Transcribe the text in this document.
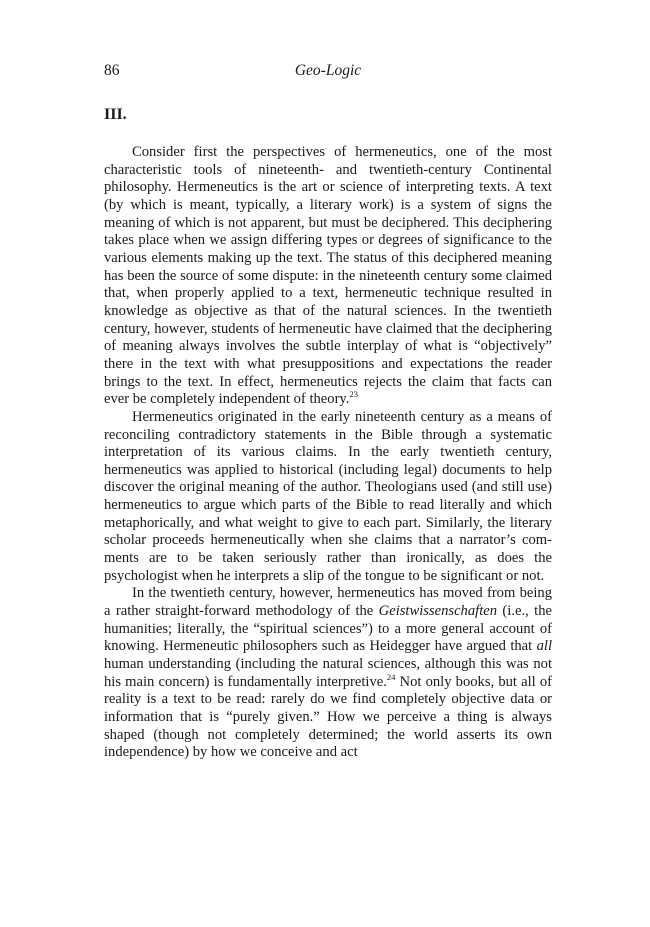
86	Geo-Logic
III.

Consider first the perspectives of hermeneutics, one of the most characteristic tools of nineteenth- and twentieth-century Continental philosophy. Hermeneutics is the art or science of interpreting texts. A text (by which is meant, typically, a literary work) is a system of signs the meaning of which is not apparent, but must be deciphered. This deciphering takes place when we assign differing types or degrees of significance to the various elements making up the text. The status of this deciphered meaning has been the source of some dispute: in the nineteenth century some claimed that, when properly applied to a text, hermeneutic technique resulted in knowledge as objective as that of the natural sciences. In the twentieth century, however, students of hermeneutic have claimed that the deciphering of meaning always involves the subtle interplay of what is “objectively” there in the text with what presuppositions and expectations the reader brings to the text. In effect, hermeneutics rejects the claim that facts can ever be completely independent of theory.$^{23}$

Hermeneutics originated in the early nineteenth century as a means of reconciling contradictory statements in the Bible through a systematic interpretation of its various claims. In the early twentieth century, hermeneutics was applied to historical (including legal) documents to help discover the original meaning of the author. Theologians used (and still use) hermeneutics to argue which parts of the Bible to read literally and which metaphorically, and what weight to give to each part. Similarly, the literary scholar proceeds hermeneutically when she claims that a narrator’s comments are to be taken seriously rather than ironically, as does the psychologist when he interprets a slip of the tongue to be significant or not.

In the twentieth century, however, hermeneutics has moved from being a rather straight-forward methodology of the Geistwissenschaften (i.e., the humanities; literally, the “spiritual sciences”) to a more general account of knowing. Hermeneutic philosophers such as Heidegger have argued that all human understanding (including the natural sciences, although this was not his main concern) is fundamentally interpretive.$^{24}$ Not only books, but all of reality is a text to be read: rarely do we find completely objective data or information that is “purely given.” How we perceive a thing is always shaped (though not completely determined; the world asserts its own independence) by how we conceive and act
